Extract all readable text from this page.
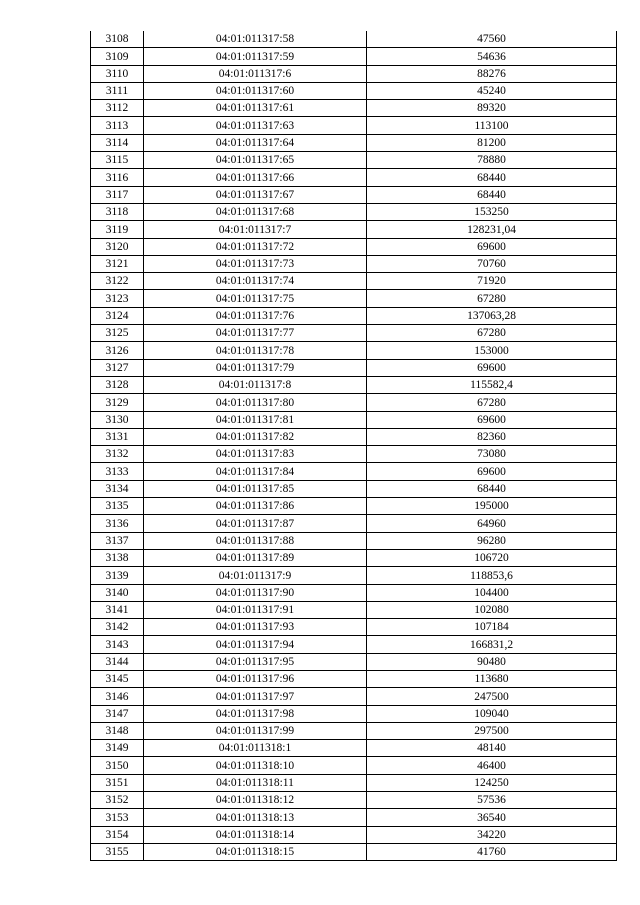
3108	04:01:011317:58	47560
3109	04:01:011317:59	54636
3110	04:01:011317:6	88276
3111	04:01:011317:60	45240
3112	04:01:011317:61	89320
3113	04:01:011317:63	113100
3114	04:01:011317:64	81200
3115	04:01:011317:65	78880
3116	04:01:011317:66	68440
3117	04:01:011317:67	68440
3118	04:01:011317:68	153250
3119	04:01:011317:7	128231,04
3120	04:01:011317:72	69600
3121	04:01:011317:73	70760
3122	04:01:011317:74	71920
3123	04:01:011317:75	67280
3124	04:01:011317:76	137063,28
3125	04:01:011317:77	67280
3126	04:01:011317:78	153000
3127	04:01:011317:79	69600
3128	04:01:011317:8	115582,4
3129	04:01:011317:80	67280
3130	04:01:011317:81	69600
3131	04:01:011317:82	82360
3132	04:01:011317:83	73080
3133	04:01:011317:84	69600
3134	04:01:011317:85	68440
3135	04:01:011317:86	195000
3136	04:01:011317:87	64960
3137	04:01:011317:88	96280
3138	04:01:011317:89	106720
3139	04:01:011317:9	118853,6
3140	04:01:011317:90	104400
3141	04:01:011317:91	102080
3142	04:01:011317:93	107184
3143	04:01:011317:94	166831,2
3144	04:01:011317:95	90480
3145	04:01:011317:96	113680
3146	04:01:011317:97	247500
3147	04:01:011317:98	109040
3148	04:01:011317:99	297500
3149	04:01:011318:1	48140
3150	04:01:011318:10	46400
3151	04:01:011318:11	124250
3152	04:01:011318:12	57536
3153	04:01:011318:13	36540
3154	04:01:011318:14	34220
3155	04:01:011318:15	41760
